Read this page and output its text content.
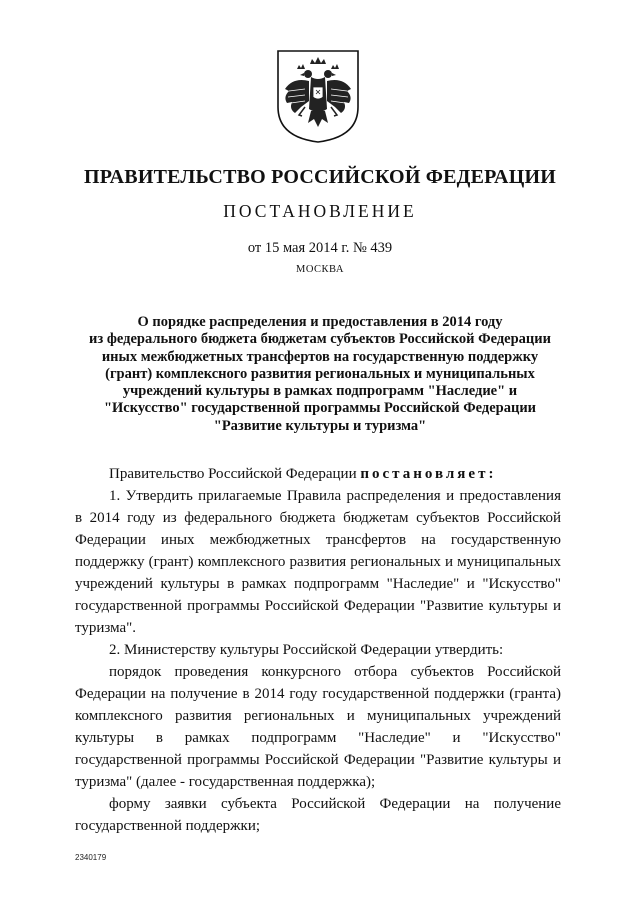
ПРАВИТЕЛЬСТВО РОССИЙСКОЙ ФЕДЕРАЦИИ
ПОСТАНОВЛЕНИЕ
от 15 мая 2014 г. № 439
МОСКВА
О порядке распределения и предоставления в 2014 году
из федерального бюджета бюджетам субъектов Российской Федерации
иных межбюджетных трансфертов на государственную поддержку
(грант) комплексного развития региональных и муниципальных
учреждений культуры в рамках подпрограмм "Наследие" и
"Искусство" государственной программы Российской Федерации
"Развитие культуры и туризма"
Правительство Российской Федерации постановляет:
1. Утвердить прилагаемые Правила распределения и предоставления
в 2014 году из федерального бюджета бюджетам субъектов Российской
Федерации иных межбюджетных трансфертов на государственную
поддержку (грант) комплексного развития региональных и муниципальных
учреждений культуры в рамках подпрограмм "Наследие" и "Искусство"
государственной программы Российской Федерации "Развитие культуры и
туризма".
2. Министерству культуры Российской Федерации утвердить:
порядок проведения конкурсного отбора субъектов Российской
Федерации на получение в 2014 году государственной поддержки (гранта)
комплексного развития региональных и муниципальных учреждений
культуры в рамках подпрограмм "Наследие" и "Искусство"
государственной программы Российской Федерации "Развитие культуры и
туризма" (далее - государственная поддержка);
форму заявки субъекта Российской Федерации на получение
государственной поддержки;
2340179
